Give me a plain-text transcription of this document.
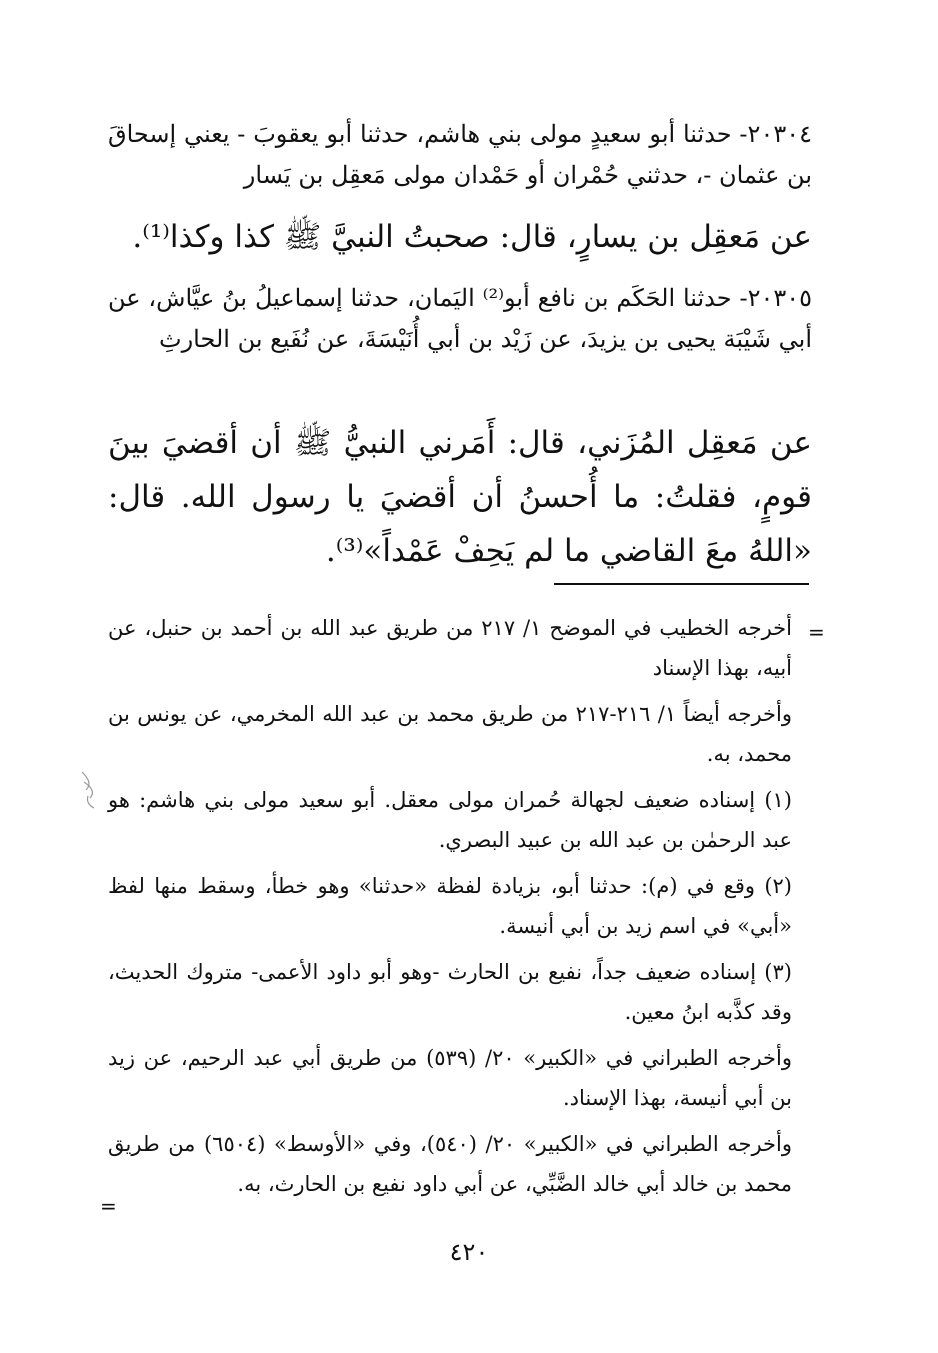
٢٠٣٠٤- حدثنا أبو سعيدٍ مولى بني هاشم، حدثنا أبو يعقوبَ - يعني إسحاقَ بن عثمان -، حدثني حُمْران أو حَمْدان مولى مَعقِل بن يَسار

عن مَعقِل بن يسارٍ، قال: صحبتُ النبيَّ ﷺ كذا وكذا⁽¹⁾.

٢٠٣٠٥- حدثنا الحَكَم بن نافع أبو⁽²⁾ اليَمان، حدثنا إسماعيلُ بنُ عيَّاش، عن أبي شَيْبَة يحيى بن يزيدَ، عن زَيْد بن أبي أُنَيْسَةَ، عن نُفَيع بن الحارثِ

عن مَعقِل المُزَني، قال: أَمَرني النبيُّ ﷺ أن أقضيَ بينَ قومٍ، فقلتُ: ما أُحسنُ أن أقضيَ يا رسول الله. قال: «اللهُ معَ القاضي ما لم يَحِفْ عَمْداً»⁽³⁾.

=

أخرجه الخطيب في الموضح ١/ ٢١٧ من طريق عبد الله بن أحمد بن حنبل، عن أبيه، بهذا الإسناد

وأخرجه أيضاً ١/ ٢١٦-٢١٧ من طريق محمد بن عبد الله المخرمي، عن يونس بن محمد، به.

(١) إسناده ضعيف لجهالة حُمران مولى معقل. أبو سعيد مولى بني هاشم: هو عبد الرحمٰن بن عبد الله بن عبيد البصري.

(٢) وقع في (م): حدثنا أبو، بزيادة لفظة «حدثنا» وهو خطأ، وسقط منها لفظ «أبي» في اسم زيد بن أبي أنيسة.

(٣) إسناده ضعيف جداً، نفيع بن الحارث -وهو أبو داود الأعمى- متروك الحديث، وقد كذَّبه ابنُ معين.

وأخرجه الطبراني في «الكبير» ٢٠/ (٥٣٩) من طريق أبي عبد الرحيم، عن زيد بن أبي أنيسة، بهذا الإسناد.

وأخرجه الطبراني في «الكبير» ٢٠/ (٥٤٠)، وفي «الأوسط» (٦٥٠٤) من طريق محمد بن خالد أبي خالد الضَّبِّي، عن أبي داود نفيع بن الحارث، به.

=
٤٢٠
